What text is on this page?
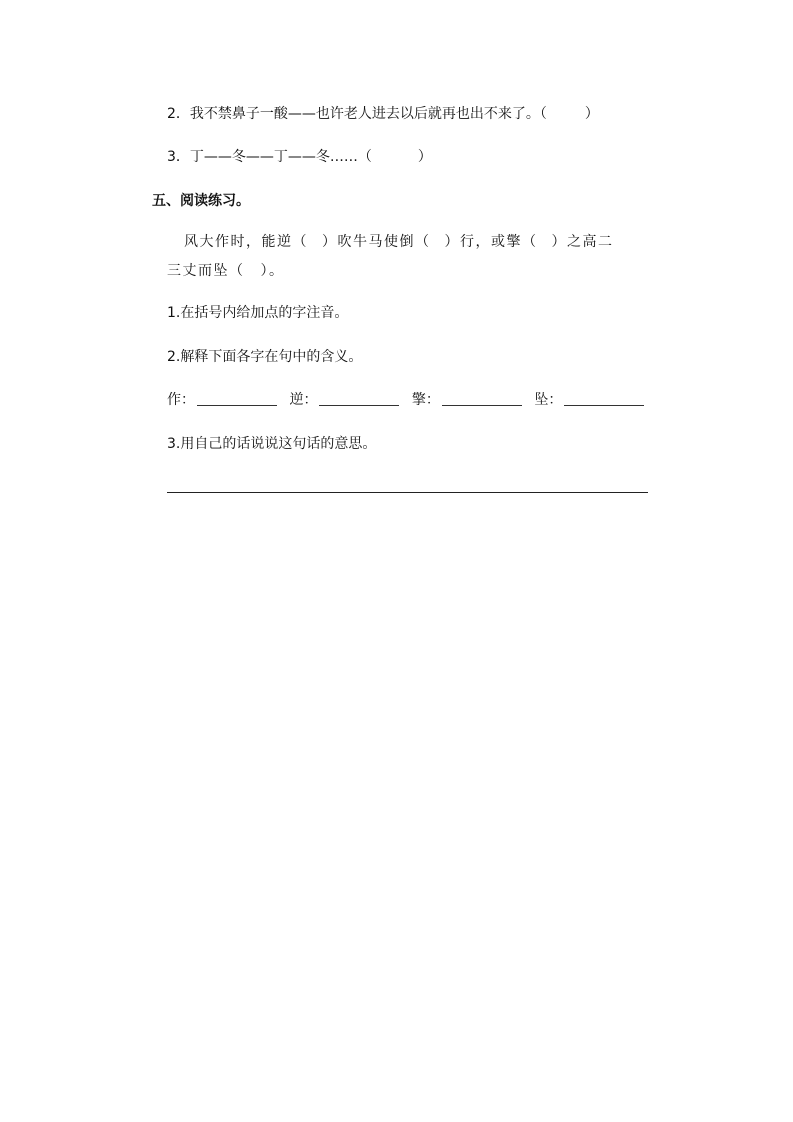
2．我不禁鼻子一酸——也许老人进去以后就再也出不来了。（	）
3．丁——冬——丁——冬……（	）
五、阅读练习。
风大作时，能逆（ ）吹牛马使倒（ ）行，或擎（ ）之高二
三丈而坠（ ）。
1.在括号内给加点的字注音。
2.解释下面各字在句中的含义。
作：	逆：	擎：	坠：
3.用自己的话说说这句话的意思。
